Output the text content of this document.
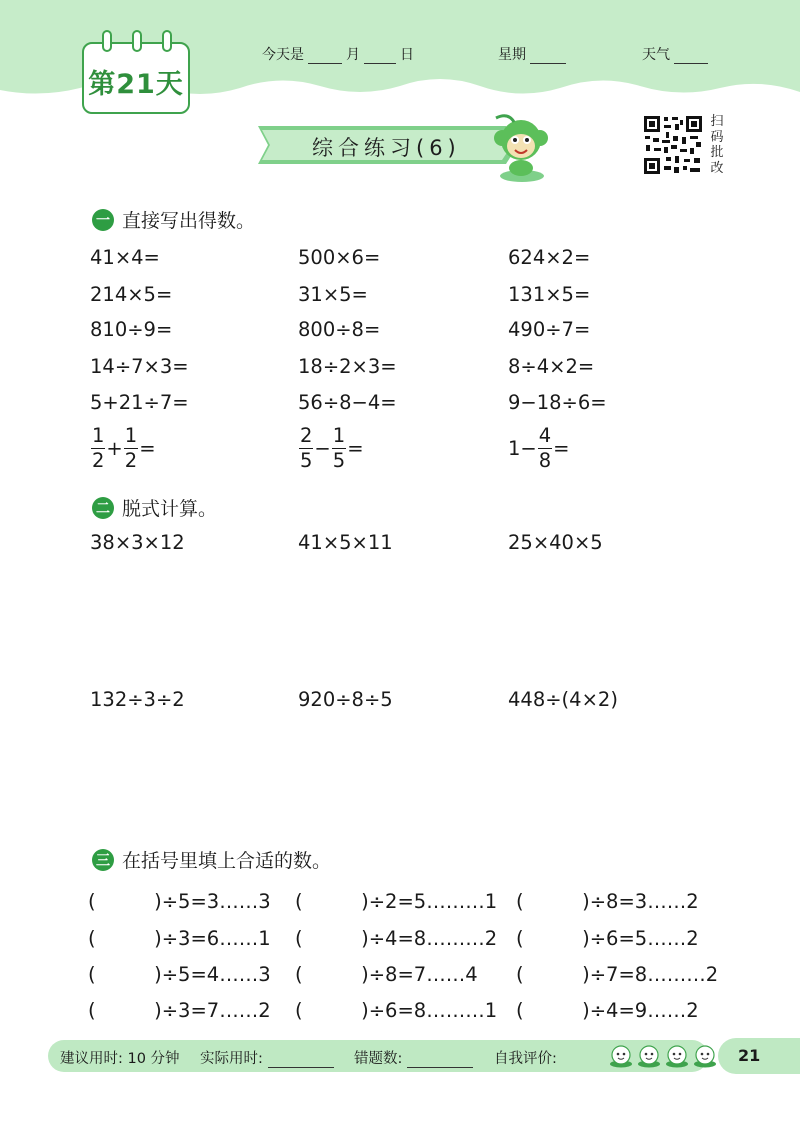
第21天
今天是	月	日	星期	天气
综合练习(6)
扫
码
批
改
一 直接写出得数。
41×4=	500×6=	624×2=
214×5=	31×5=	131×5=
810÷9=	800÷8=	490÷7=
14÷7×3=	18÷2×3=	8÷4×2=
5+21÷7=	56÷8−4=	9−18÷6=
$\frac{1}{2} + \frac{1}{2}$ =	$\frac{2}{5} - \frac{1}{5}$ =	$1- \frac{4}{8}$ =
二 脱式计算。
38×3×12	41×5×11	25×40×5
132÷3÷2	920÷8÷5	448÷(4×2)
三 在括号里填上合适的数。
(　　　)÷5=3……3 (　　　)÷2=5………1 (　　　)÷8=3……2
(　　　)÷3=6……1 (　　　)÷4=8………2 (　　　)÷6=5……2
(　　　)÷5=4……3 (　　　)÷8=7……4 (　　　)÷7=8………2
(　　　)÷3=7……2 (　　　)÷6=8………1 (　　　)÷4=9……2
建议用时: 10 分钟 实际用时:	错题数:	自我评价:	21
